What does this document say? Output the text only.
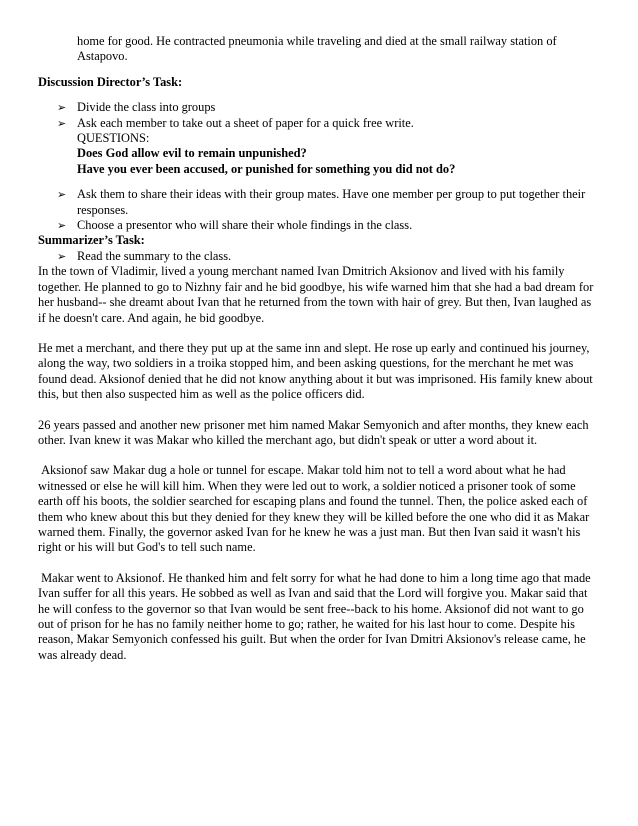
home for good. He contracted pneumonia while traveling and died at the small railway station of Astapovo.

Discussion Director’s Task:

➢ Divide the class into groups
➢ Ask each member to take out a sheet of paper for a quick free write.

QUESTIONS:

Does God allow evil to remain unpunished?

Have you ever been accused, or punished for something you did not do?

➢ Ask them to share their ideas with their group mates. Have one member per group to put together their responses.
➢ Choose a presentor who will share their whole findings in the class.

Summarizer’s Task:

➢ Read the summary to the class.

In the town of Vladimir, lived a young merchant named Ivan Dmitrich Aksionov and lived with his family together. He planned to go to Nizhny fair and he bid goodbye, his wife warned him that she had a bad dream for her husband-- she dreamt about Ivan that he returned from the town with hair of grey. But then, Ivan laughed as if he doesn't care. And again, he bid goodbye.

He met a merchant, and there they put up at the same inn and slept. He rose up early and continued his journey, along the way, two soldiers in a troika stopped him, and been asking questions, for the merchant he met was found dead. Aksionof denied that he did not know anything about it but was imprisoned. His family knew about this, but then also suspected him as well as the police officers did.

26 years passed and another new prisoner met him named Makar Semyonich and after months, they knew each other. Ivan knew it was Makar who killed the merchant ago, but didn't speak or utter a word about it.

Aksionof saw Makar dug a hole or tunnel for escape. Makar told him not to tell a word about what he had witnessed or else he will kill him. When they were led out to work, a soldier noticed a prisoner took of some earth off his boots, the soldier searched for escaping plans and found the tunnel. Then, the police asked each of them who knew about this but they denied for they knew they will be killed before the one who did it as Makar warned them. Finally, the governor asked Ivan for he knew he was a just man. But then Ivan said it wasn't his right or his will but God's to tell such name.

Makar went to Aksionof. He thanked him and felt sorry for what he had done to him a long time ago that made Ivan suffer for all this years. He sobbed as well as Ivan and said that the Lord will forgive you. Makar said that he will confess to the governor so that Ivan would be sent free--back to his home. Aksionof did not want to go out of prison for he has no family neither home to go; rather, he waited for his last hour to come. Despite his reason, Makar Semyonich confessed his guilt. But when the order for Ivan Dmitri Aksionov's release came, he was already dead.
